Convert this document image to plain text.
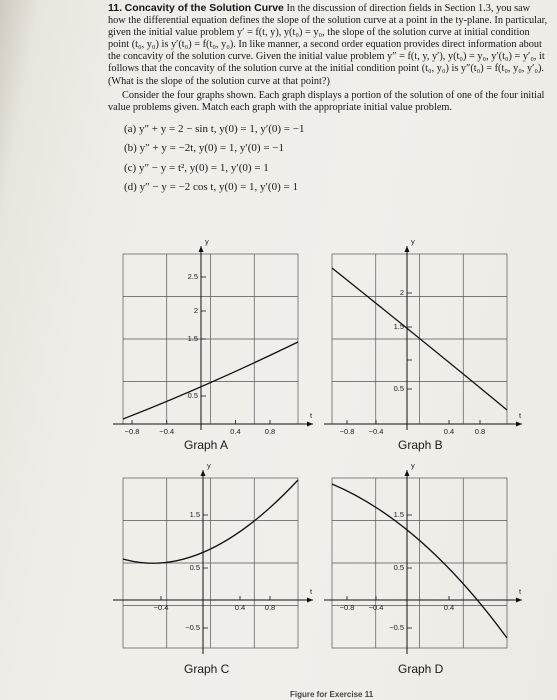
11. Concavity of the Solution Curve In the discussion of direction fields in Section 1.3, you saw how the differential equation defines the slope of the solution curve at a point in the ty-plane. In particular, given the initial value problem y′ = f(t, y), y(t₀) = y₀, the slope of the solution curve at initial condition point (t₀, y₀) is y′(t₀) = f(t₀, y₀). In like manner, a second order equation provides direct information about the concavity of the solution curve. Given the initial value problem y″ = f(t, y, y′), y(t₀) = y₀, y′(t₀) = y′₀, it follows that the concavity of the solution curve at the initial condition point (t₀, y₀) is y″(t₀) = f(t₀, y₀, y′₀). (What is the slope of the solution curve at that point?)

Consider the four graphs shown. Each graph displays a portion of the solution of one of the four initial value problems given. Match each graph with the appropriate initial value problem.

(a) y″ + y = 2 − sin t, y(0) = 1, y′(0) = −1
(b) y″ + y = −2t, y(0) = 1, y′(0) = −1
(c) y″ − y = t², y(0) = 1, y′(0) = 1
(d) y″ − y = −2 cos t, y(0) = 1, y′(0) = 1
y
t
2.5
2
1.5
0.5
−0.8	−0.4	0.4	0.8
Graph A
y
t
2
1.5
0.5
−0.8 −0.4	0.4	0.8
Graph B
y
t
1.5
0.5
−0.5
−0.4	0.4	0.8
Graph C
y
t
1.5
0.5
−0.5
−0.8 −0.4	0.4
Graph D
Figure for Exercise 11
